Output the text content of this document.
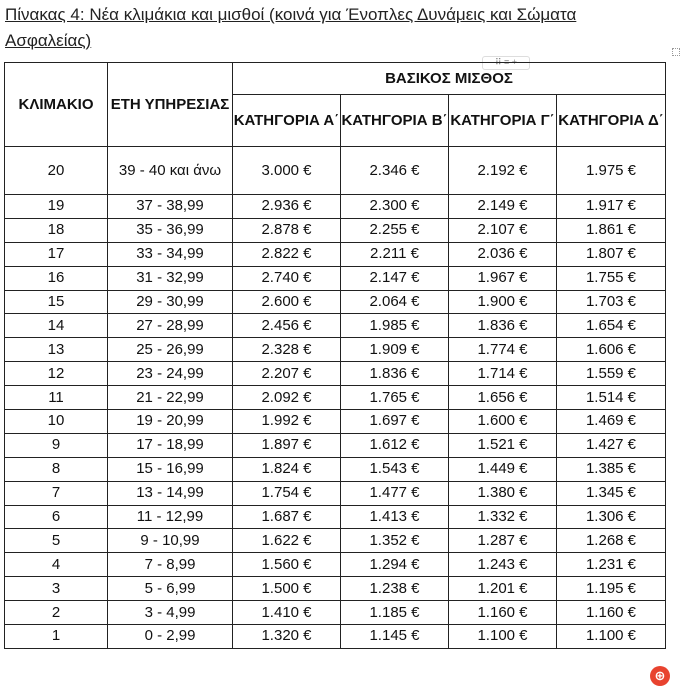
Πίνακας 4: Νέα κλιμάκια και μισθοί (κοινά για Ένοπλες Δυνάμεις και Σώματα Ασφαλείας)
⠿ ≡ +
ΚΛΙΜΑΚΙΟ	ΕΤΗ ΥΠΗΡΕΣΙΑΣ	ΒΑΣΙΚΟΣ ΜΙΣΘΟΣ			
		ΚΑΤΗΓΟΡΙΑ Α΄	ΚΑΤΗΓΟΡΙΑ Β΄	ΚΑΤΗΓΟΡΙΑ Γ΄	ΚΑΤΗΓΟΡΙΑ Δ΄
20	39 - 40 και άνω	3.000 €	2.346 €	2.192 €	1.975 €
19	37 - 38,99	2.936 €	2.300 €	2.149 €	1.917 €
18	35 - 36,99	2.878 €	2.255 €	2.107 €	1.861 €
17	33 - 34,99	2.822 €	2.211 €	2.036 €	1.807 €
16	31 - 32,99	2.740 €	2.147 €	1.967 €	1.755 €
15	29 - 30,99	2.600 €	2.064 €	1.900 €	1.703 €
14	27 - 28,99	2.456 €	1.985 €	1.836 €	1.654 €
13	25 - 26,99	2.328 €	1.909 €	1.774 €	1.606 €
12	23 - 24,99	2.207 €	1.836 €	1.714 €	1.559 €
11	21 - 22,99	2.092 €	1.765 €	1.656 €	1.514 €
10	19 - 20,99	1.992 €	1.697 €	1.600 €	1.469 €
9	17 - 18,99	1.897 €	1.612 €	1.521 €	1.427 €
8	15 - 16,99	1.824 €	1.543 €	1.449 €	1.385 €
7	13 - 14,99	1.754 €	1.477 €	1.380 €	1.345 €
6	11 - 12,99	1.687 €	1.413 €	1.332 €	1.306 €
5	9 - 10,99	1.622 €	1.352 €	1.287 €	1.268 €
4	7 - 8,99	1.560 €	1.294 €	1.243 €	1.231 €
3	5 - 6,99	1.500 €	1.238 €	1.201 €	1.195 €
2	3 - 4,99	1.410 €	1.185 €	1.160 €	1.160 €
1	0 - 2,99	1.320 €	1.145 €	1.100 €	1.100 €
⊕
